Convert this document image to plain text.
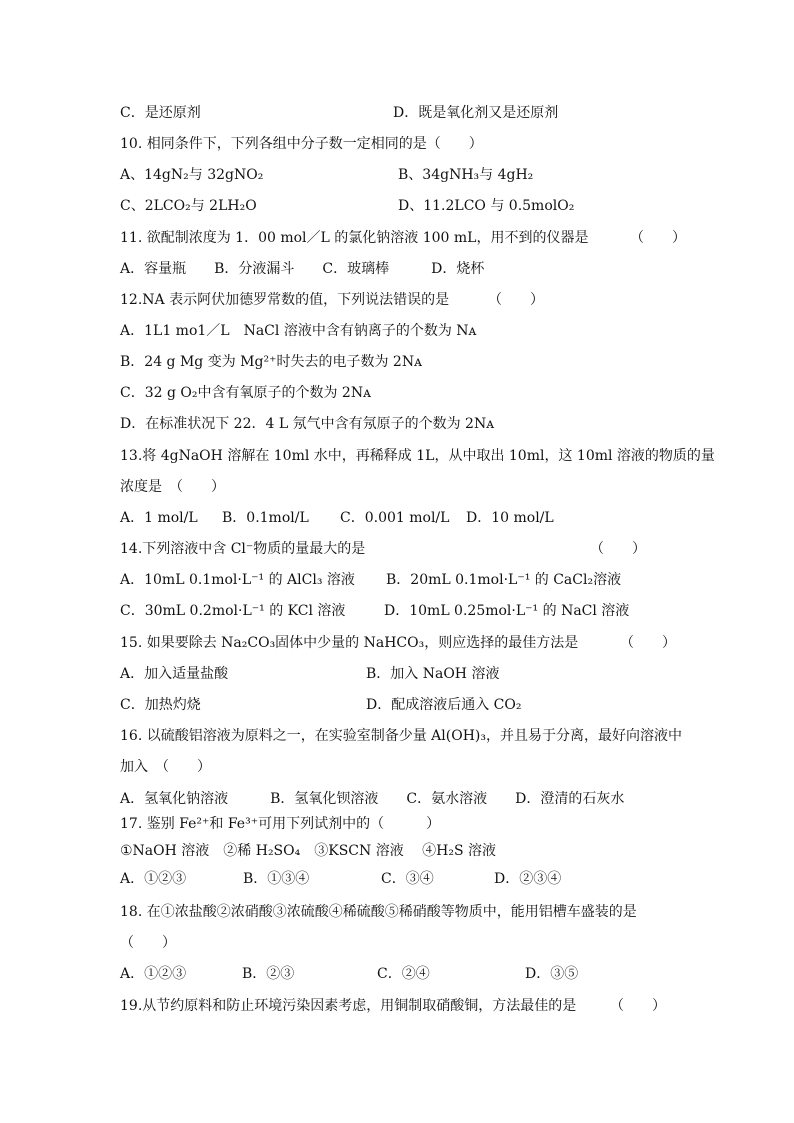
C．是还原剂	D．既是氧化剂又是还原剂
10. 相同条件下，下列各组中分子数一定相同的是（　　）
A、14gN₂与 32gNO₂	B、34gNH₃与 4gH₂
C、2LCO₂与 2LH₂O	D、11.2LCO 与 0.5molO₂
11. 欲配制浓度为 1．00 mol／L 的氯化钠溶液 100 mL，用不到的仪器是	（　　）
A．容量瓶　　B．分液漏斗　　C．玻璃棒　　　D．烧杯
12.NA 表示阿伏加德罗常数的值，下列说法错误的是	（　　）
A．1L1 mo1／L　NaCl 溶液中含有钠离子的个数为 Nᴀ
B．24 g Mg 变为 Mg²⁺时失去的电子数为 2Nᴀ
C．32 g O₂中含有氧原子的个数为 2Nᴀ
D．在标准状况下 22．4 L 氖气中含有氖原子的个数为 2Nᴀ
13.将 4gNaOH 溶解在 10ml 水中，再稀释成 1L，从中取出 10ml，这 10ml 溶液的物质的量
浓度是　（　　）
A．1 mol/L B．0.1mol/L C．0.001 mol/L D．10 mol/L
14.下列溶液中含 Cl⁻物质的量最大的是	（　　）
A．10mL 0.1mol·L⁻¹ 的 AlCl₃ 溶液 B．20mL 0.1mol·L⁻¹ 的 CaCl₂溶液
C．30mL 0.2mol·L⁻¹ 的 KCl 溶液	D．10mL 0.25mol·L⁻¹ 的 NaCl 溶液
15. 如果要除去 Na₂CO₃固体中少量的 NaHCO₃，则应选择的最佳方法是	（　　）
A．加入适量盐酸	B．加入 NaOH 溶液
C．加热灼烧	D．配成溶液后通入 CO₂
16. 以硫酸铝溶液为原料之一，在实验室制备少量 Al(OH)₃，并且易于分离，最好向溶液中
加入　（　　）
A．氢氧化钠溶液　　　B．氢氧化钡溶液　　C．氨水溶液　　D．澄清的石灰水
17. 鉴别 Fe²⁺和 Fe³⁺可用下列试剂中的（　　　）
①NaOH 溶液　②稀 H₂SO₄　③KSCN 溶液　 ④H₂S 溶液
A．①②③	B．①③④	C．③④	D．②③④
18. 在①浓盐酸②浓硝酸③浓硫酸④稀硫酸⑤稀硝酸等物质中，能用铝槽车盛装的是
（　　）
A．①②③	B．②③	C．②④	D．③⑤
19.从节约原料和防止环境污染因素考虑，用铜制取硝酸铜，方法最佳的是 （　　）
